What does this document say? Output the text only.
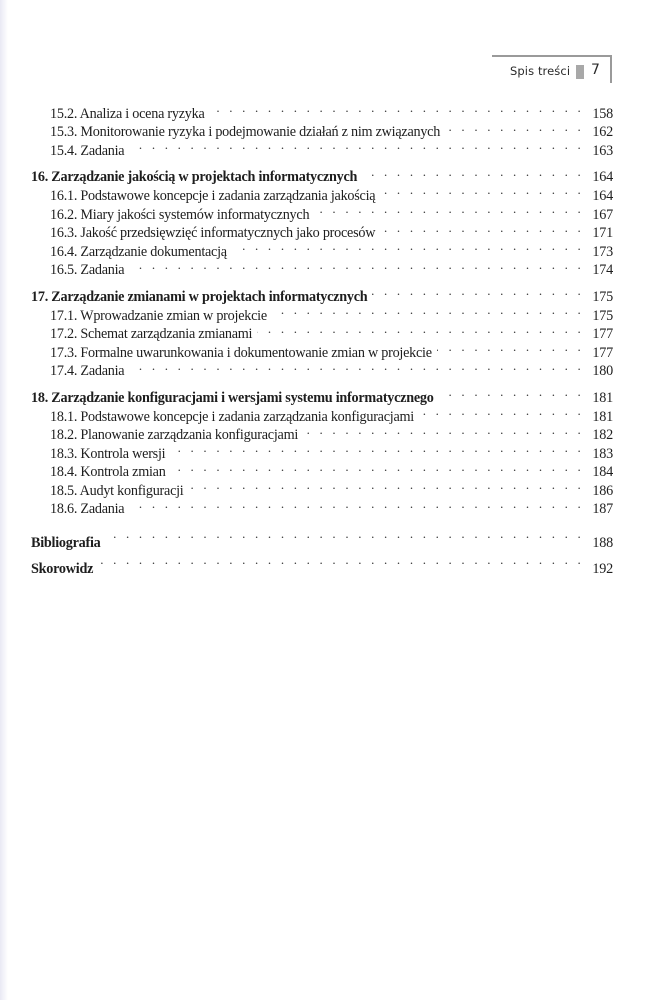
Spis treści 7
15.2. Analiza i ocena ryzyka . . .	158
15.3. Monitorowanie ryzyka i podejmowanie działań z nim związanych . . .	162
15.4. Zadania . . .	163
16. Zarządzanie jakością w projektach informatycznych . . .	164
16.1. Podstawowe koncepcje i zadania zarządzania jakością . . .	164
16.2. Miary jakości systemów informatycznych . . .	167
16.3. Jakość przedsięwzięć informatycznych jako procesów . . .	171
16.4. Zarządzanie dokumentacją . . .	173
16.5. Zadania . . .	174
17. Zarządzanie zmianami w projektach informatycznych . . .	175
17.1. Wprowadzanie zmian w projekcie . . .	175
17.2. Schemat zarządzania zmianami . . .	177
17.3. Formalne uwarunkowania i dokumentowanie zmian w projekcie . . .	177
17.4. Zadania . . .	180
18. Zarządzanie konfiguracjami i wersjami systemu informatycznego . . .	181
18.1. Podstawowe koncepcje i zadania zarządzania konfiguracjami . . .	181
18.2. Planowanie zarządzania konfiguracjami . . .	182
18.3. Kontrola wersji . . .	183
18.4. Kontrola zmian . . .	184
18.5. Audyt konfiguracji . . .	186
18.6. Zadania . . .	187
Bibliografia . . .	188
Skorowidz . . .	192
